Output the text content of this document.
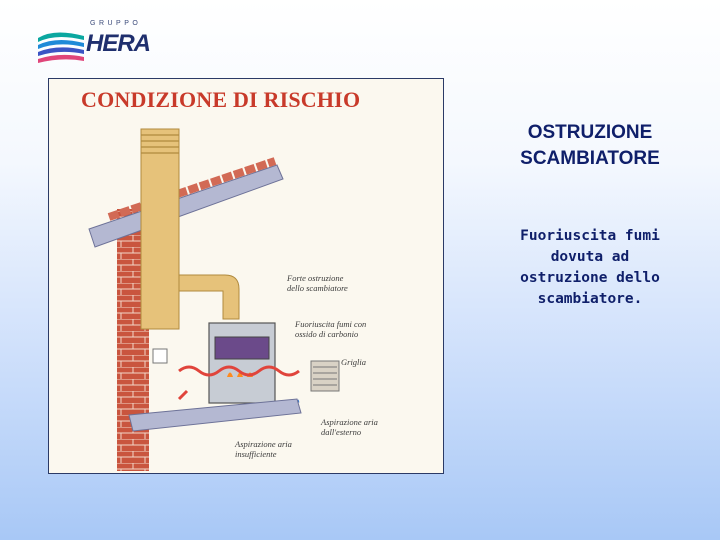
GRUPPO
HERA
CONDIZIONE DI RISCHIO
Forte ostruzione
dello scambiatore
Fuoriuscita fumi con
ossido di carbonio
Griglia
Aspirazione aria
dall'esterno
Aspirazione aria
insufficiente
OSTRUZIONE
SCAMBIATORE
Fuoriuscita fumi
dovuta ad
ostruzione dello
scambiatore.
